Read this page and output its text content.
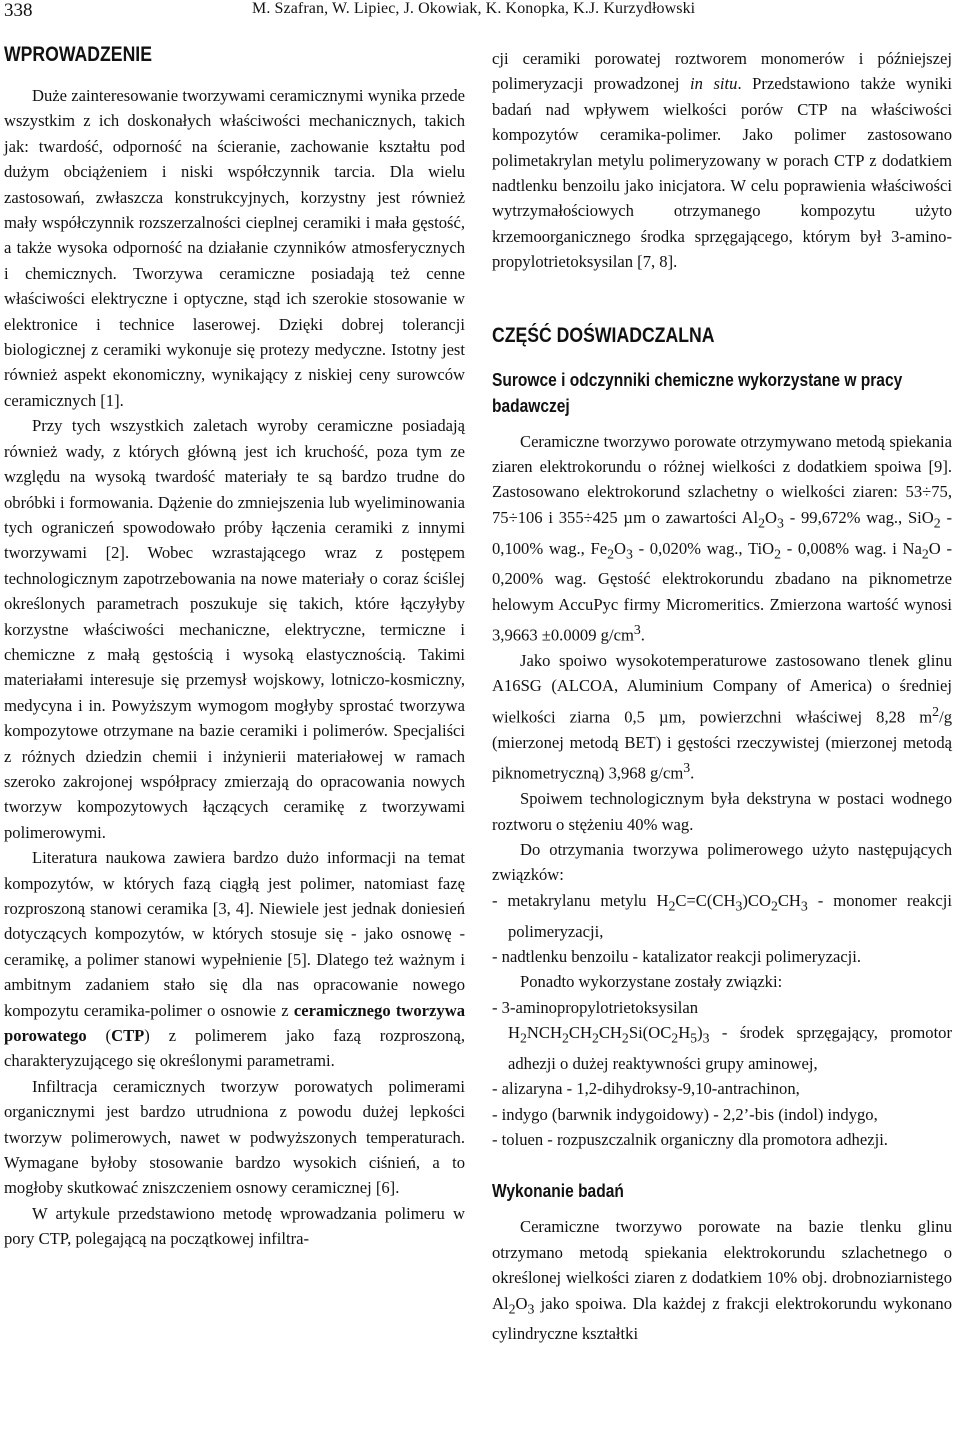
338	M. Szafran, W. Lipiec, J. Okowiak, K. Konopka, K.J. Kurzydłowski
WPROWADZENIE

Duże zainteresowanie tworzywami ceramicznymi wynika przede wszystkim z ich doskonałych właściwości mechanicznych, takich jak: twardość, odporność na ścieranie, zachowanie kształtu pod dużym obciążeniem i niski współczynnik tarcia. Dla wielu zastosowań, zwłaszcza konstrukcyjnych, korzystny jest również mały współczynnik rozszerzalności cieplnej ceramiki i mała gęstość, a także wysoka odporność na działanie czynników atmosferycznych i chemicznych. Tworzywa ceramiczne posiadają też cenne właściwości elektryczne i optyczne, stąd ich szerokie stosowanie w elektronice i technice laserowej. Dzięki dobrej tolerancji biologicznej z ceramiki wykonuje się protezy medyczne. Istotny jest również aspekt ekonomiczny, wynikający z niskiej ceny surowców ceramicznych [1].

Przy tych wszystkich zaletach wyroby ceramiczne posiadają również wady, z których główną jest ich kruchość, poza tym ze względu na wysoką twardość materiały te są bardzo trudne do obróbki i formowania. Dążenie do zmniejszenia lub wyeliminowania tych ograniczeń spowodowało próby łączenia ceramiki z innymi tworzywami [2]. Wobec wzrastającego wraz z postępem technologicznym zapotrzebowania na nowe materiały o coraz ściślej określonych parametrach poszukuje się takich, które łączyłyby korzystne właściwości mechaniczne, elektryczne, termiczne i chemiczne z małą gęstością i wysoką elastycznością. Takimi materiałami interesuje się przemysł wojskowy, lotniczo-kosmiczny, medycyna i in. Powyższym wymogom mogłyby sprostać tworzywa kompozytowe otrzymane na bazie ceramiki i polimerów. Specjaliści z różnych dziedzin chemii i inżynierii materiałowej w ramach szeroko zakrojonej współpracy zmierzają do opracowania nowych tworzyw kompozytowych łączących ceramikę z tworzywami polimerowymi.

Literatura naukowa zawiera bardzo dużo informacji na temat kompozytów, w których fazą ciągłą jest polimer, natomiast fazę rozproszoną stanowi ceramika [3, 4]. Niewiele jest jednak doniesień dotyczących kompozytów, w których stosuje się - jako osnowę - ceramikę, a polimer stanowi wypełnienie [5]. Dlatego też ważnym i ambitnym zadaniem stało się dla nas opracowanie nowego kompozytu ceramika-polimer o osnowie z ceramicznego tworzywa porowatego (CTP) z polimerem jako fazą rozproszoną, charakteryzującego się określonymi parametrami.

Infiltracja ceramicznych tworzyw porowatych polimerami organicznymi jest bardzo utrudniona z powodu dużej lepkości tworzyw polimerowych, nawet w podwyższonych temperaturach. Wymagane byłoby stosowanie bardzo wysokich ciśnień, a to mogłoby skutkować zniszczeniem osnowy ceramicznej [6].

W artykule przedstawiono metodę wprowadzania polimeru w pory CTP, polegającą na początkowej infiltra-

cji ceramiki porowatej roztworem monomerów i późniejszej polimeryzacji prowadzonej in situ. Przedstawiono także wyniki badań nad wpływem wielkości porów CTP na właściwości kompozytów ceramika-polimer. Jako polimer zastosowano polimetakrylan metylu polimeryzowany w porach CTP z dodatkiem nadtlenku benzoilu jako inicjatora. W celu poprawienia właściwości wytrzymałościowych otrzymanego kompozytu użyto krzemoorganicznego środka sprzęgającego, którym był 3-amino-propylotrietoksysilan [7, 8].

CZĘŚĆ DOŚWIADCZALNA
Surowce i odczynniki chemiczne wykorzystane w pracy badawczej

Ceramiczne tworzywo porowate otrzymywano metodą spiekania ziaren elektrokorundu o różnej wielkości z dodatkiem spoiwa [9]. Zastosowano elektrokorund szlachetny o wielkości ziaren: 53÷75, 75÷106 i 355÷425 µm o zawartości $Al_2O_3 - 99,672\%$ wag., SiO$_2$ - 0,100% wag., $Fe_2O_3 - 0,020\%$ wag., TiO$_2$ - 0,008% wag. i $Na_2O - 0,200\%$ wag. Gęstość elektrokorundu zbadano na piknometrze helowym AccuPyc firmy Micromeritics. Zmierzona wartość wynosi 3,9663 ±0.0009 $g/cm^3$.

Jako spoiwo wysokotemperaturowe zastosowano tlenek glinu A16SG (ALCOA, Aluminium Company of America) o średniej wielkości ziarna 0,5 µm, powierzchni właściwej 8,28 $m^2/g$ (mierzonej metodą BET) i gęstości rzeczywistej (mierzonej metodą piknometryczną) 3,968 $g/cm^3$.

Spoiwem technologicznym była dekstryna w postaci wodnego roztworu o stężeniu 40% wag.

Do otrzymania tworzywa polimerowego użyto następujących związków:

- metakrylanu metylu $H_2C=C(CH_3)CO_2CH_3$ - monomer reakcji polimeryzacji,

- nadtlenku benzoilu - katalizator reakcji polimeryzacji.

Ponadto wykorzystane zostały związki:

- 3-aminopropylotrietoksysilan
$H_2NCH_2CH_2CH_2Si(OC_2H_5)_3$ - środek sprzęgający, promotor adhezji o dużej reaktywności grupy aminowej,

- alizaryna - 1,2-dihydroksy-9,10-antrachinon,

- indygo (barwnik indygoidowy) - 2,2’-bis (indol) indygo,

- toluen - rozpuszczalnik organiczny dla promotora adhezji.

Wykonanie badań

Ceramiczne tworzywo porowate na bazie tlenku glinu otrzymano metodą spiekania elektrokorundu szlachetnego o określonej wielkości ziaren z dodatkiem 10% obj. drobnoziarnistego $Al_2O_3$ jako spoiwa. Dla każdej z frakcji elektrokorundu wykonano cylindryczne kształtki
